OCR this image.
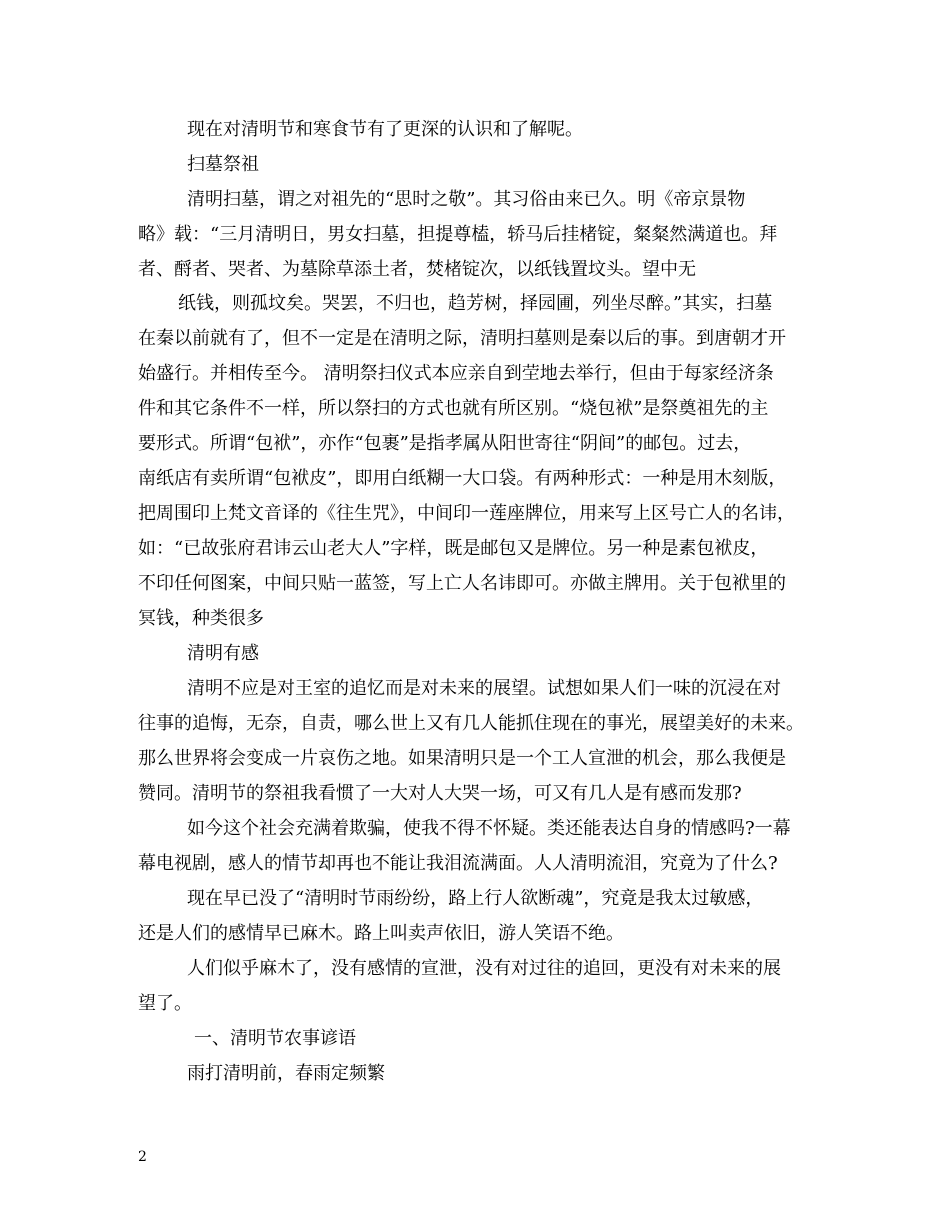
现在对清明节和寒食节有了更深的认识和了解呢。
扫墓祭祖
清明扫墓，谓之对祖先的“思时之敬”。其习俗由来已久。明《帝京景物
略》载：“三月清明日，男女扫墓，担提尊榼，轿马后挂楮锭，粲粲然满道也。拜
者、酹者、哭者、为墓除草添土者，焚楮锭次，以纸钱置坟头。望中无
纸钱，则孤坟矣。哭罢，不归也，趋芳树，择园圃，列坐尽醉。”其实，扫墓
在秦以前就有了，但不一定是在清明之际，清明扫墓则是秦以后的事。到唐朝才开
始盛行。并相传至今。 清明祭扫仪式本应亲自到茔地去举行，但由于每家经济条
件和其它条件不一样，所以祭扫的方式也就有所区别。“烧包袱”是祭奠祖先的主
要形式。所谓“包袱”，亦作“包裹”是指孝属从阳世寄往“阴间”的邮包。过去，
南纸店有卖所谓“包袱皮”，即用白纸糊一大口袋。有两种形式：一种是用木刻版，
把周围印上梵文音译的《往生咒》，中间印一莲座牌位，用来写上区号亡人的名讳，
如：“已故张府君讳云山老大人”字样，既是邮包又是牌位。另一种是素包袱皮，
不印任何图案，中间只贴一蓝签，写上亡人名讳即可。亦做主牌用。关于包袱里的
冥钱，种类很多
清明有感
清明不应是对王室的追忆而是对未来的展望。试想如果人们一味的沉浸在对
往事的追悔，无奈，自责，哪么世上又有几人能抓住现在的事光，展望美好的未来。
那么世界将会变成一片哀伤之地。如果清明只是一个工人宣泄的机会，那么我便是
赞同。清明节的祭祖我看惯了一大对人大哭一场，可又有几人是有感而发那?
如今这个社会充满着欺骗，使我不得不怀疑。类还能表达自身的情感吗?一幕
幕电视剧，感人的情节却再也不能让我泪流满面。人人清明流泪，究竟为了什么?
现在早已没了“清明时节雨纷纷，路上行人欲断魂”，究竟是我太过敏感，
还是人们的感情早已麻木。路上叫卖声依旧，游人笑语不绝。
人们似乎麻木了，没有感情的宣泄，没有对过往的追回，更没有对未来的展
望了。
一、清明节农事谚语
雨打清明前，春雨定频繁
2
